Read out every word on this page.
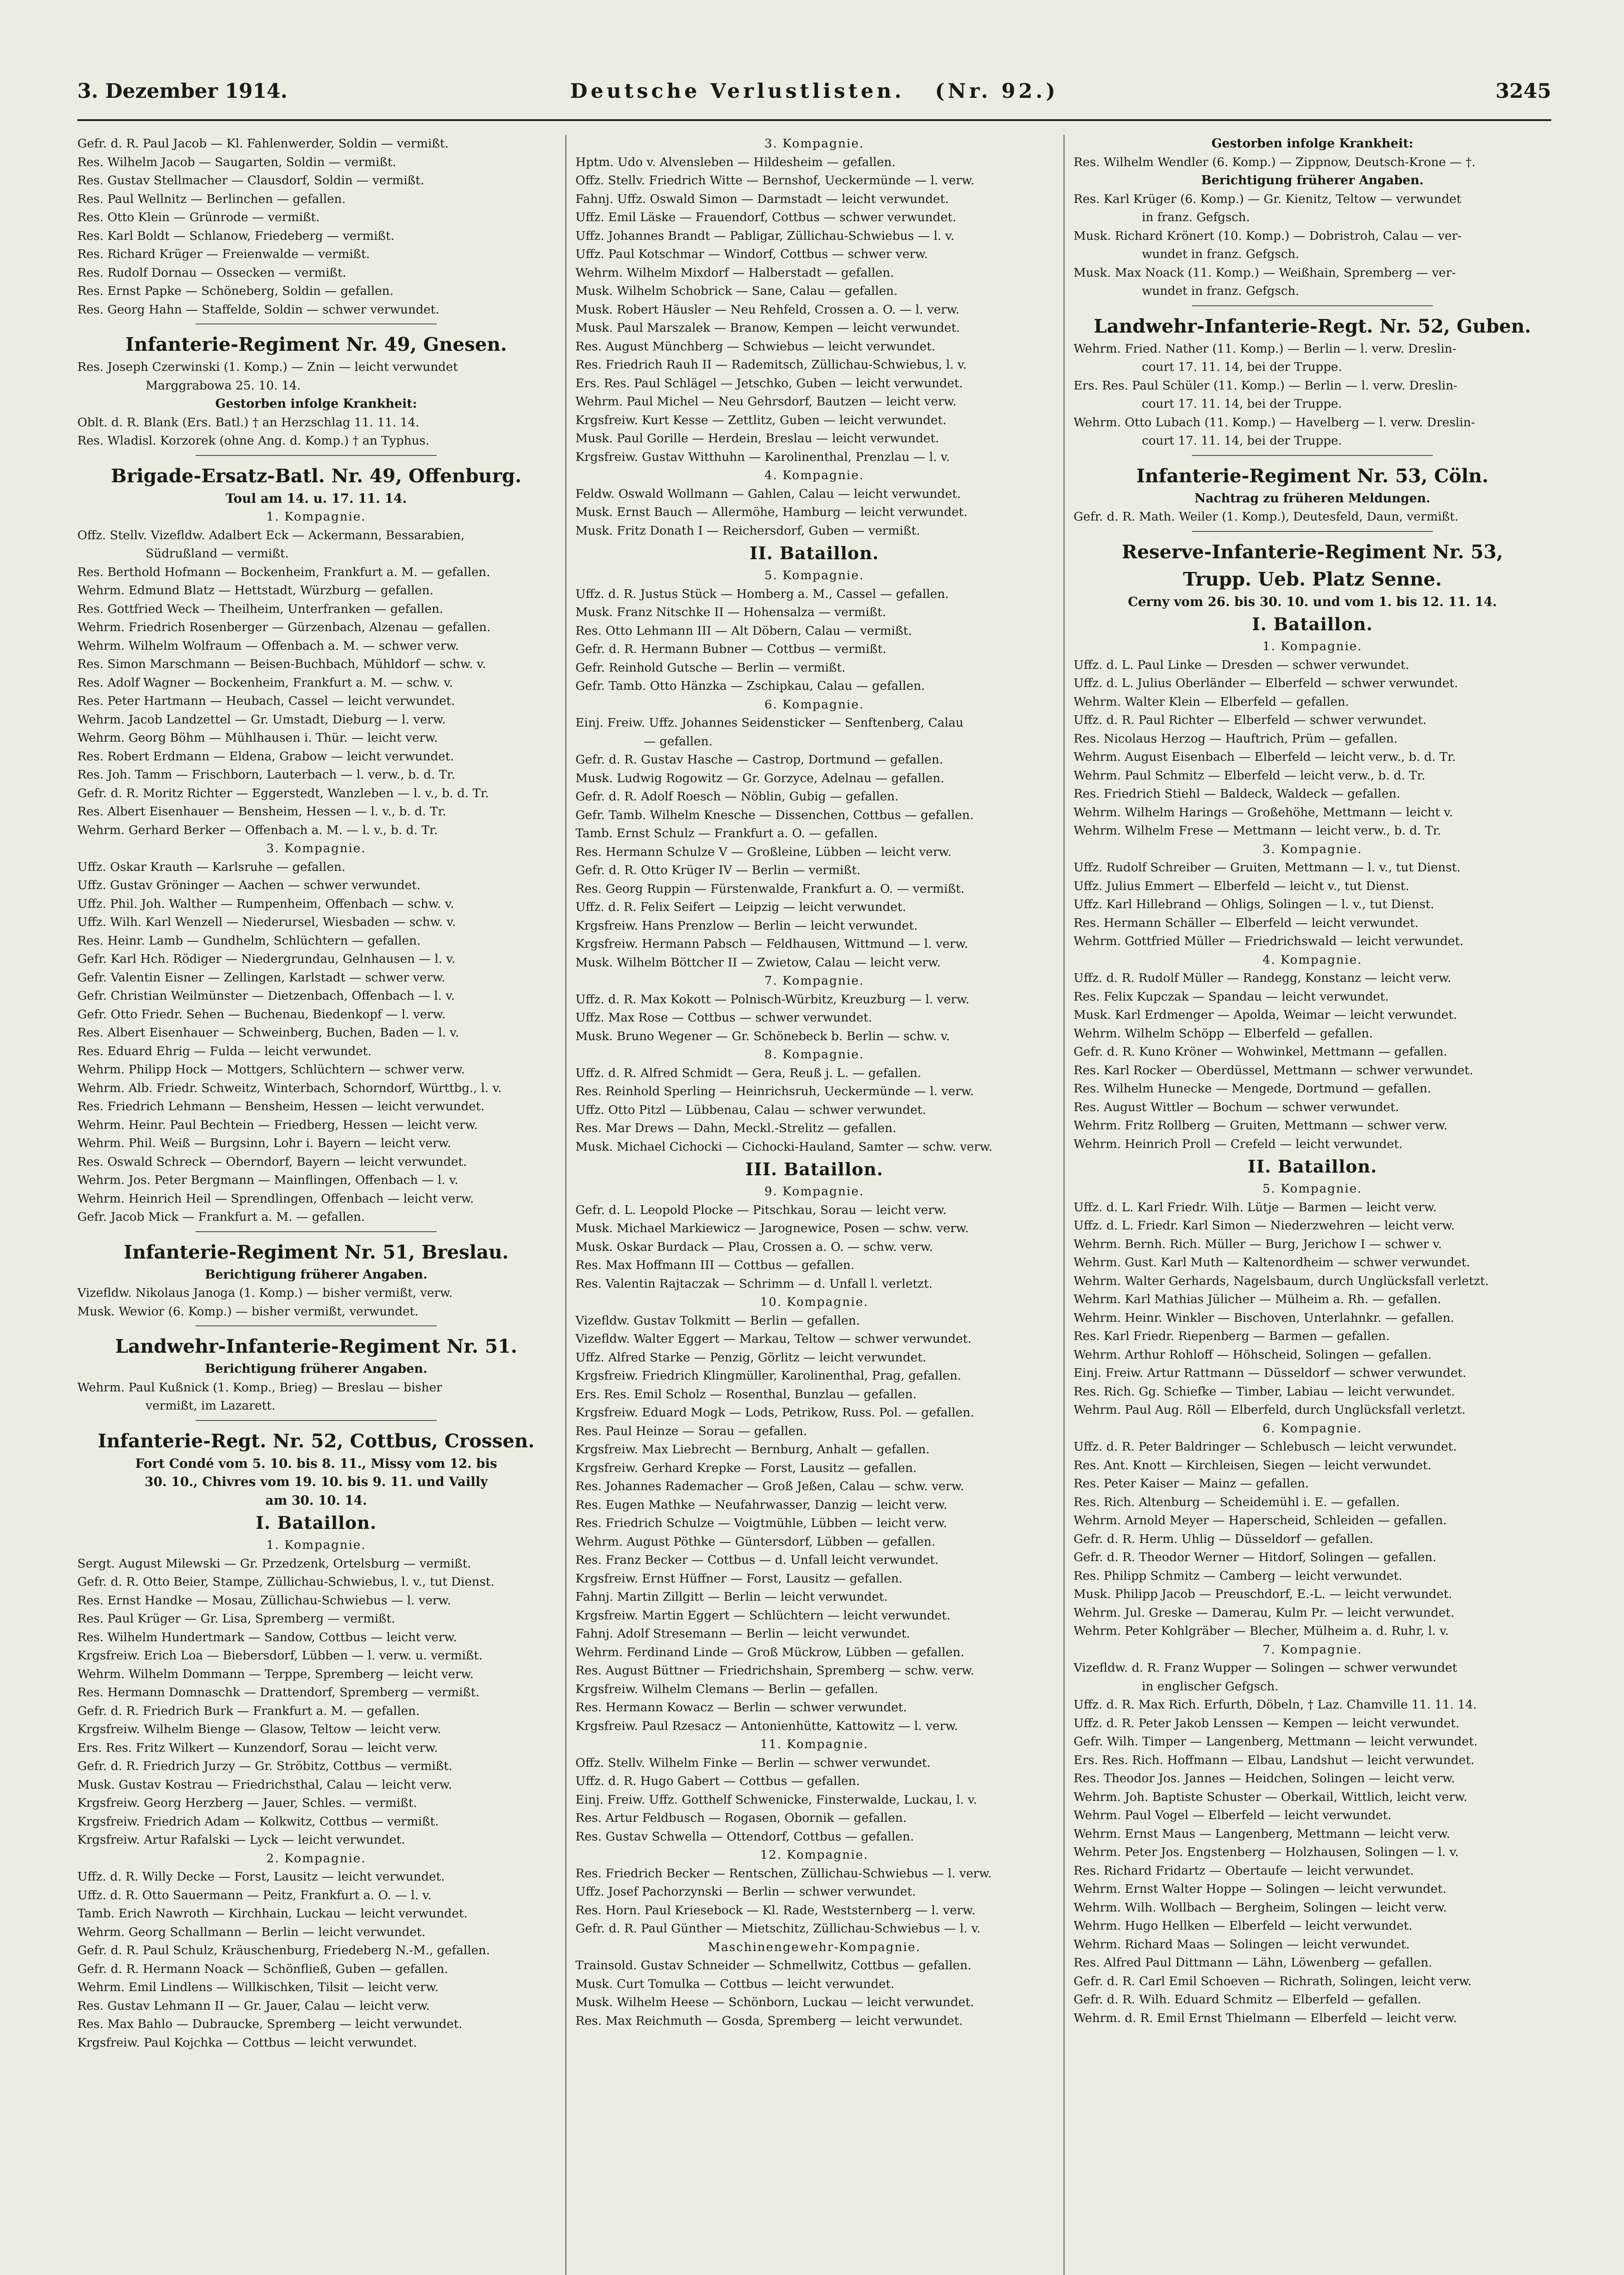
3. Dezember 1914.	Deutsche Verlustlisten. (Nr. 92.)	3245
Gefr. d. R. Paul Jacob — Kl. Fahlenwerder, Soldin — vermißt.
Res. Wilhelm Jacob — Saugarten, Soldin — vermißt.
Res. Gustav Stellmacher — Clausdorf, Soldin — vermißt.
Res. Paul Wellnitz — Berlinchen — gefallen.
Res. Otto Klein — Grünrode — vermißt.
Res. Karl Boldt — Schlanow, Friedeberg — vermißt.
Res. Richard Krüger — Freienwalde — vermißt.
Res. Rudolf Dornau — Ossecken — vermißt.
Res. Ernst Papke — Schöneberg, Soldin — gefallen.
Res. Georg Hahn — Staffelde, Soldin — schwer verwundet.
Infanterie-Regiment Nr. 49, Gnesen.
Res. Joseph Czerwinski (1. Komp.) — Znin — leicht verwundet
Marggrabowa 25. 10. 14.
Gestorben infolge Krankheit:
Oblt. d. R. Blank (Ers. Batl.) † an Herzschlag 11. 11. 14.
Res. Wladisl. Korzorek (ohne Ang. d. Komp.) † an Typhus.
Brigade-Ersatz-Batl. Nr. 49, Offenburg.
Toul am 14. u. 17. 11. 14.
1. Kompagnie.
Offz. Stellv. Vizefldw. Adalbert Eck — Ackermann, Bessarabien,
Südrußland — vermißt.
Res. Berthold Hofmann — Bockenheim, Frankfurt a. M. — gefallen.
Wehrm. Edmund Blatz — Hettstadt, Würzburg — gefallen.
Res. Gottfried Weck — Theilheim, Unterfranken — gefallen.
Wehrm. Friedrich Rosenberger — Gürzenbach, Alzenau — gefallen.
Wehrm. Wilhelm Wolfraum — Offenbach a. M. — schwer verw.
Res. Simon Marschmann — Beisen-Buchbach, Mühldorf — schw. v.
Res. Adolf Wagner — Bockenheim, Frankfurt a. M. — schw. v.
Res. Peter Hartmann — Heubach, Cassel — leicht verwundet.
Wehrm. Jacob Landzettel — Gr. Umstadt, Dieburg — l. verw.
Wehrm. Georg Böhm — Mühlhausen i. Thür. — leicht verw.
Res. Robert Erdmann — Eldena, Grabow — leicht verwundet.
Res. Joh. Tamm — Frischborn, Lauterbach — l. verw., b. d. Tr.
Gefr. d. R. Moritz Richter — Eggerstedt, Wanzleben — l. v., b. d. Tr.
Res. Albert Eisenhauer — Bensheim, Hessen — l. v., b. d. Tr.
Wehrm. Gerhard Berker — Offenbach a. M. — l. v., b. d. Tr.
3. Kompagnie.
Uffz. Oskar Krauth — Karlsruhe — gefallen.
Uffz. Gustav Gröninger — Aachen — schwer verwundet.
Uffz. Phil. Joh. Walther — Rumpenheim, Offenbach — schw. v.
Uffz. Wilh. Karl Wenzell — Niederursel, Wiesbaden — schw. v.
Res. Heinr. Lamb — Gundhelm, Schlüchtern — gefallen.
Gefr. Karl Hch. Rödiger — Niedergrundau, Gelnhausen — l. v.
Gefr. Valentin Eisner — Zellingen, Karlstadt — schwer verw.
Gefr. Christian Weilmünster — Dietzenbach, Offenbach — l. v.
Gefr. Otto Friedr. Sehen — Buchenau, Biedenkopf — l. verw.
Res. Albert Eisenhauer — Schweinberg, Buchen, Baden — l. v.
Res. Eduard Ehrig — Fulda — leicht verwundet.
Wehrm. Philipp Hock — Mottgers, Schlüchtern — schwer verw.
Wehrm. Alb. Friedr. Schweitz, Winterbach, Schorndorf, Württbg., l. v.
Res. Friedrich Lehmann — Bensheim, Hessen — leicht verwundet.
Wehrm. Heinr. Paul Bechtein — Friedberg, Hessen — leicht verw.
Wehrm. Phil. Weiß — Burgsinn, Lohr i. Bayern — leicht verw.
Res. Oswald Schreck — Oberndorf, Bayern — leicht verwundet.
Wehrm. Jos. Peter Bergmann — Mainflingen, Offenbach — l. v.
Wehrm. Heinrich Heil — Sprendlingen, Offenbach — leicht verw.
Gefr. Jacob Mick — Frankfurt a. M. — gefallen.
Infanterie-Regiment Nr. 51, Breslau.
Berichtigung früherer Angaben.
Vizefldw. Nikolaus Janoga (1. Komp.) — bisher vermißt, verw.
Musk. Wewior (6. Komp.) — bisher vermißt, verwundet.
Landwehr-Infanterie-Regiment Nr. 51.
Berichtigung früherer Angaben.
Wehrm. Paul Kußnick (1. Komp., Brieg) — Breslau — bisher
vermißt, im Lazarett.
Infanterie-Regt. Nr. 52, Cottbus, Crossen.
Fort Condé vom 5. 10. bis 8. 11., Missy vom 12. bis
30. 10., Chivres vom 19. 10. bis 9. 11. und Vailly
am 30. 10. 14.
I. Bataillon.
1. Kompagnie.
Sergt. August Milewski — Gr. Przedzenk, Ortelsburg — vermißt.
Gefr. d. R. Otto Beier, Stampe, Züllichau-Schwiebus, l. v., tut Dienst.
Res. Ernst Handke — Mosau, Züllichau-Schwiebus — l. verw.
Res. Paul Krüger — Gr. Lisa, Spremberg — vermißt.
Res. Wilhelm Hundertmark — Sandow, Cottbus — leicht verw.
Krgsfreiw. Erich Loa — Biebersdorf, Lübben — l. verw. u. vermißt.
Wehrm. Wilhelm Dommann — Terppe, Spremberg — leicht verw.
Res. Hermann Domnaschk — Drattendorf, Spremberg — vermißt.
Gefr. d. R. Friedrich Burk — Frankfurt a. M. — gefallen.
Krgsfreiw. Wilhelm Bienge — Glasow, Teltow — leicht verw.
Ers. Res. Fritz Wilkert — Kunzendorf, Sorau — leicht verw.
Gefr. d. R. Friedrich Jurzy — Gr. Ströbitz, Cottbus — vermißt.
Musk. Gustav Kostrau — Friedrichsthal, Calau — leicht verw.
Krgsfreiw. Georg Herzberg — Jauer, Schles. — vermißt.
Krgsfreiw. Friedrich Adam — Kolkwitz, Cottbus — vermißt.
Krgsfreiw. Artur Rafalski — Lyck — leicht verwundet.
2. Kompagnie.
Uffz. d. R. Willy Decke — Forst, Lausitz — leicht verwundet.
Uffz. d. R. Otto Sauermann — Peitz, Frankfurt a. O. — l. v.
Tamb. Erich Nawroth — Kirchhain, Luckau — leicht verwundet.
Wehrm. Georg Schallmann — Berlin — leicht verwundet.
Gefr. d. R. Paul Schulz, Kräuschenburg, Friedeberg N.-M., gefallen.
Gefr. d. R. Hermann Noack — Schönfließ, Guben — gefallen.
Wehrm. Emil Lindlens — Willkischken, Tilsit — leicht verw.
Res. Gustav Lehmann II — Gr. Jauer, Calau — leicht verw.
Res. Max Bahlo — Dubraucke, Spremberg — leicht verwundet.
Krgsfreiw. Paul Kojchka — Cottbus — leicht verwundet.
3. Kompagnie.
Hptm. Udo v. Alvensleben — Hildesheim — gefallen.
Offz. Stellv. Friedrich Witte — Bernshof, Ueckermünde — l. verw.
Fahnj. Uffz. Oswald Simon — Darmstadt — leicht verwundet.
Uffz. Emil Läske — Frauendorf, Cottbus — schwer verwundet.
Uffz. Johannes Brandt — Pabligar, Züllichau-Schwiebus — l. v.
Uffz. Paul Kotschmar — Windorf, Cottbus — schwer verw.
Wehrm. Wilhelm Mixdorf — Halberstadt — gefallen.
Musk. Wilhelm Schobrick — Sane, Calau — gefallen.
Musk. Robert Häusler — Neu Rehfeld, Crossen a. O. — l. verw.
Musk. Paul Marszalek — Branow, Kempen — leicht verwundet.
Res. August Münchberg — Schwiebus — leicht verwundet.
Res. Friedrich Rauh II — Rademitsch, Züllichau-Schwiebus, l. v.
Ers. Res. Paul Schlägel — Jetschko, Guben — leicht verwundet.
Wehrm. Paul Michel — Neu Gehrsdorf, Bautzen — leicht verw.
Krgsfreiw. Kurt Kesse — Zettlitz, Guben — leicht verwundet.
Musk. Paul Gorille — Herdein, Breslau — leicht verwundet.
Krgsfreiw. Gustav Witthuhn — Karolinenthal, Prenzlau — l. v.
4. Kompagnie.
Feldw. Oswald Wollmann — Gahlen, Calau — leicht verwundet.
Musk. Ernst Bauch — Allermöhe, Hamburg — leicht verwundet.
Musk. Fritz Donath I — Reichersdorf, Guben — vermißt.
II. Bataillon.
5. Kompagnie.
Uffz. d. R. Justus Stück — Homberg a. M., Cassel — gefallen.
Musk. Franz Nitschke II — Hohensalza — vermißt.
Res. Otto Lehmann III — Alt Döbern, Calau — vermißt.
Gefr. d. R. Hermann Bubner — Cottbus — vermißt.
Gefr. Reinhold Gutsche — Berlin — vermißt.
Gefr. Tamb. Otto Hänzka — Zschipkau, Calau — gefallen.
6. Kompagnie.
Einj. Freiw. Uffz. Johannes Seidensticker — Senftenberg, Calau
— gefallen.
Gefr. d. R. Gustav Hasche — Castrop, Dortmund — gefallen.
Musk. Ludwig Rogowitz — Gr. Gorzyce, Adelnau — gefallen.
Gefr. d. R. Adolf Roesch — Nöblin, Gubig — gefallen.
Gefr. Tamb. Wilhelm Knesche — Dissenchen, Cottbus — gefallen.
Tamb. Ernst Schulz — Frankfurt a. O. — gefallen.
Res. Hermann Schulze V — Großleine, Lübben — leicht verw.
Gefr. d. R. Otto Krüger IV — Berlin — vermißt.
Res. Georg Ruppin — Fürstenwalde, Frankfurt a. O. — vermißt.
Uffz. d. R. Felix Seifert — Leipzig — leicht verwundet.
Krgsfreiw. Hans Prenzlow — Berlin — leicht verwundet.
Krgsfreiw. Hermann Pabsch — Feldhausen, Wittmund — l. verw.
Musk. Wilhelm Böttcher II — Zwietow, Calau — leicht verw.
7. Kompagnie.
Uffz. d. R. Max Kokott — Polnisch-Würbitz, Kreuzburg — l. verw.
Uffz. Max Rose — Cottbus — schwer verwundet.
Musk. Bruno Wegener — Gr. Schönebeck b. Berlin — schw. v.
8. Kompagnie.
Uffz. d. R. Alfred Schmidt — Gera, Reuß j. L. — gefallen.
Res. Reinhold Sperling — Heinrichsruh, Ueckermünde — l. verw.
Uffz. Otto Pitzl — Lübbenau, Calau — schwer verwundet.
Res. Mar Drews — Dahn, Meckl.-Strelitz — gefallen.
Musk. Michael Cichocki — Cichocki-Hauland, Samter — schw. verw.
III. Bataillon.
9. Kompagnie.
Gefr. d. L. Leopold Plocke — Pitschkau, Sorau — leicht verw.
Musk. Michael Markiewicz — Jarognewice, Posen — schw. verw.
Musk. Oskar Burdack — Plau, Crossen a. O. — schw. verw.
Res. Max Hoffmann III — Cottbus — gefallen.
Res. Valentin Rajtaczak — Schrimm — d. Unfall l. verletzt.
10. Kompagnie.
Vizefldw. Gustav Tolkmitt — Berlin — gefallen.
Vizefldw. Walter Eggert — Markau, Teltow — schwer verwundet.
Uffz. Alfred Starke — Penzig, Görlitz — leicht verwundet.
Krgsfreiw. Friedrich Klingmüller, Karolinenthal, Prag, gefallen.
Ers. Res. Emil Scholz — Rosenthal, Bunzlau — gefallen.
Krgsfreiw. Eduard Mogk — Lods, Petrikow, Russ. Pol. — gefallen.
Res. Paul Heinze — Sorau — gefallen.
Krgsfreiw. Max Liebrecht — Bernburg, Anhalt — gefallen.
Krgsfreiw. Gerhard Krepke — Forst, Lausitz — gefallen.
Res. Johannes Rademacher — Groß Jeßen, Calau — schw. verw.
Res. Eugen Mathke — Neufahrwasser, Danzig — leicht verw.
Res. Friedrich Schulze — Voigtmühle, Lübben — leicht verw.
Wehrm. August Pöthke — Güntersdorf, Lübben — gefallen.
Res. Franz Becker — Cottbus — d. Unfall leicht verwundet.
Krgsfreiw. Ernst Hüffner — Forst, Lausitz — gefallen.
Fahnj. Martin Zillgitt — Berlin — leicht verwundet.
Krgsfreiw. Martin Eggert — Schlüchtern — leicht verwundet.
Fahnj. Adolf Stresemann — Berlin — leicht verwundet.
Wehrm. Ferdinand Linde — Groß Mückrow, Lübben — gefallen.
Res. August Büttner — Friedrichshain, Spremberg — schw. verw.
Krgsfreiw. Wilhelm Clemans — Berlin — gefallen.
Res. Hermann Kowacz — Berlin — schwer verwundet.
Krgsfreiw. Paul Rzesacz — Antonienhütte, Kattowitz — l. verw.
11. Kompagnie.
Offz. Stellv. Wilhelm Finke — Berlin — schwer verwundet.
Uffz. d. R. Hugo Gabert — Cottbus — gefallen.
Einj. Freiw. Uffz. Gotthelf Schwenicke, Finsterwalde, Luckau, l. v.
Res. Artur Feldbusch — Rogasen, Obornik — gefallen.
Res. Gustav Schwella — Ottendorf, Cottbus — gefallen.
12. Kompagnie.
Res. Friedrich Becker — Rentschen, Züllichau-Schwiebus — l. verw.
Uffz. Josef Pachorzynski — Berlin — schwer verwundet.
Res. Horn. Paul Kriesebock — Kl. Rade, Weststernberg — l. verw.
Gefr. d. R. Paul Günther — Mietschitz, Züllichau-Schwiebus — l. v.
Maschinengewehr-Kompagnie.
Trainsold. Gustav Schneider — Schmellwitz, Cottbus — gefallen.
Musk. Curt Tomulka — Cottbus — leicht verwundet.
Musk. Wilhelm Heese — Schönborn, Luckau — leicht verwundet.
Res. Max Reichmuth — Gosda, Spremberg — leicht verwundet.
Gestorben infolge Krankheit:
Res. Wilhelm Wendler (6. Komp.) — Zippnow, Deutsch-Krone — †.
Berichtigung früherer Angaben.
Res. Karl Krüger (6. Komp.) — Gr. Kienitz, Teltow — verwundet
in franz. Gefgsch.
Musk. Richard Krönert (10. Komp.) — Dobristroh, Calau — ver-
wundet in franz. Gefgsch.
Musk. Max Noack (11. Komp.) — Weißhain, Spremberg — ver-
wundet in franz. Gefgsch.
Landwehr-Infanterie-Regt. Nr. 52, Guben.
Wehrm. Fried. Nather (11. Komp.) — Berlin — l. verw. Dreslin-
court 17. 11. 14, bei der Truppe.
Ers. Res. Paul Schüler (11. Komp.) — Berlin — l. verw. Dreslin-
court 17. 11. 14, bei der Truppe.
Wehrm. Otto Lubach (11. Komp.) — Havelberg — l. verw. Dreslin-
court 17. 11. 14, bei der Truppe.
Infanterie-Regiment Nr. 53, Cöln.
Nachtrag zu früheren Meldungen.
Gefr. d. R. Math. Weiler (1. Komp.), Deutesfeld, Daun, vermißt.
Reserve-Infanterie-Regiment Nr. 53,
Trupp. Ueb. Platz Senne.
Cerny vom 26. bis 30. 10. und vom 1. bis 12. 11. 14.
I. Bataillon.
1. Kompagnie.
Uffz. d. L. Paul Linke — Dresden — schwer verwundet.
Uffz. d. L. Julius Oberländer — Elberfeld — schwer verwundet.
Wehrm. Walter Klein — Elberfeld — gefallen.
Uffz. d. R. Paul Richter — Elberfeld — schwer verwundet.
Res. Nicolaus Herzog — Hauftrich, Prüm — gefallen.
Wehrm. August Eisenbach — Elberfeld — leicht verw., b. d. Tr.
Wehrm. Paul Schmitz — Elberfeld — leicht verw., b. d. Tr.
Res. Friedrich Stiehl — Baldeck, Waldeck — gefallen.
Wehrm. Wilhelm Harings — Großehöhe, Mettmann — leicht v.
Wehrm. Wilhelm Frese — Mettmann — leicht verw., b. d. Tr.
3. Kompagnie.
Uffz. Rudolf Schreiber — Gruiten, Mettmann — l. v., tut Dienst.
Uffz. Julius Emmert — Elberfeld — leicht v., tut Dienst.
Uffz. Karl Hillebrand — Ohligs, Solingen — l. v., tut Dienst.
Res. Hermann Schäller — Elberfeld — leicht verwundet.
Wehrm. Gottfried Müller — Friedrichswald — leicht verwundet.
4. Kompagnie.
Uffz. d. R. Rudolf Müller — Randegg, Konstanz — leicht verw.
Res. Felix Kupczak — Spandau — leicht verwundet.
Musk. Karl Erdmenger — Apolda, Weimar — leicht verwundet.
Wehrm. Wilhelm Schöpp — Elberfeld — gefallen.
Gefr. d. R. Kuno Kröner — Wohwinkel, Mettmann — gefallen.
Res. Karl Rocker — Oberdüssel, Mettmann — schwer verwundet.
Res. Wilhelm Hunecke — Mengede, Dortmund — gefallen.
Res. August Wittler — Bochum — schwer verwundet.
Wehrm. Fritz Rollberg — Gruiten, Mettmann — schwer verw.
Wehrm. Heinrich Proll — Crefeld — leicht verwundet.
II. Bataillon.
5. Kompagnie.
Uffz. d. L. Karl Friedr. Wilh. Lütje — Barmen — leicht verw.
Uffz. d. L. Friedr. Karl Simon — Niederzwehren — leicht verw.
Wehrm. Bernh. Rich. Müller — Burg, Jerichow I — schwer v.
Wehrm. Gust. Karl Muth — Kaltenordheim — schwer verwundet.
Wehrm. Walter Gerhards, Nagelsbaum, durch Unglücksfall verletzt.
Wehrm. Karl Mathias Jülicher — Mülheim a. Rh. — gefallen.
Wehrm. Heinr. Winkler — Bischoven, Unterlahnkr. — gefallen.
Res. Karl Friedr. Riepenberg — Barmen — gefallen.
Wehrm. Arthur Rohloff — Höhscheid, Solingen — gefallen.
Einj. Freiw. Artur Rattmann — Düsseldorf — schwer verwundet.
Res. Rich. Gg. Schiefke — Timber, Labiau — leicht verwundet.
Wehrm. Paul Aug. Röll — Elberfeld, durch Unglücksfall verletzt.
6. Kompagnie.
Uffz. d. R. Peter Baldringer — Schlebusch — leicht verwundet.
Res. Ant. Knott — Kirchleisen, Siegen — leicht verwundet.
Res. Peter Kaiser — Mainz — gefallen.
Res. Rich. Altenburg — Scheidemühl i. E. — gefallen.
Wehrm. Arnold Meyer — Haperscheid, Schleiden — gefallen.
Gefr. d. R. Herm. Uhlig — Düsseldorf — gefallen.
Gefr. d. R. Theodor Werner — Hitdorf, Solingen — gefallen.
Res. Philipp Schmitz — Camberg — leicht verwundet.
Musk. Philipp Jacob — Preuschdorf, E.-L. — leicht verwundet.
Wehrm. Jul. Greske — Damerau, Kulm Pr. — leicht verwundet.
Wehrm. Peter Kohlgräber — Blecher, Mülheim a. d. Ruhr, l. v.
7. Kompagnie.
Vizefldw. d. R. Franz Wupper — Solingen — schwer verwundet
in englischer Gefgsch.
Uffz. d. R. Max Rich. Erfurth, Döbeln, † Laz. Chamville 11. 11. 14.
Uffz. d. R. Peter Jakob Lenssen — Kempen — leicht verwundet.
Gefr. Wilh. Timper — Langenberg, Mettmann — leicht verwundet.
Ers. Res. Rich. Hoffmann — Elbau, Landshut — leicht verwundet.
Res. Theodor Jos. Jannes — Heidchen, Solingen — leicht verw.
Wehrm. Joh. Baptiste Schuster — Oberkail, Wittlich, leicht verw.
Wehrm. Paul Vogel — Elberfeld — leicht verwundet.
Wehrm. Ernst Maus — Langenberg, Mettmann — leicht verw.
Wehrm. Peter Jos. Engstenberg — Holzhausen, Solingen — l. v.
Res. Richard Fridartz — Obertaufe — leicht verwundet.
Wehrm. Ernst Walter Hoppe — Solingen — leicht verwundet.
Wehrm. Wilh. Wollbach — Bergheim, Solingen — leicht verw.
Wehrm. Hugo Hellken — Elberfeld — leicht verwundet.
Wehrm. Richard Maas — Solingen — leicht verwundet.
Res. Alfred Paul Dittmann — Lähn, Löwenberg — gefallen.
Gefr. d. R. Carl Emil Schoeven — Richrath, Solingen, leicht verw.
Gefr. d. R. Wilh. Eduard Schmitz — Elberfeld — gefallen.
Wehrm. d. R. Emil Ernst Thielmann — Elberfeld — leicht verw.
